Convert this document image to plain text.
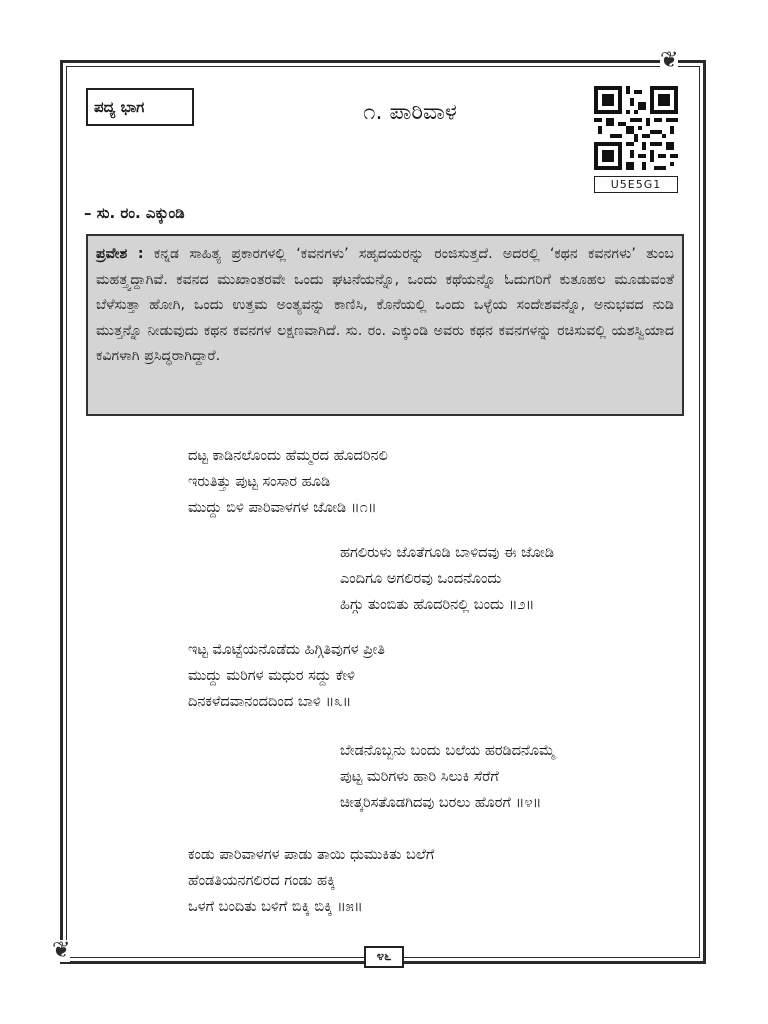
❦
❦
ಪದ್ಯ ಭಾಗ	೧. ಪಾರಿವಾಳ
U5E5G1
– ಸು. ರಂ. ಎಕ್ಕುಂಡಿ
ಪ್ರವೇಶ : ಕನ್ನಡ ಸಾಹಿತ್ಯ ಪ್ರಕಾರಗಳಲ್ಲಿ ‘ಕವನಗಳು’ ಸಹೃದಯರನ್ನು ರಂಜಿಸುತ್ತದೆ. ಅದರಲ್ಲಿ ‘ಕಥನ ಕವನಗಳು’ ತುಂಬ ಮಹತ್ತ್ವದ್ದಾಗಿವೆ. ಕವನದ ಮುಖಾಂತರವೇ ಒಂದು ಘಟನೆಯನ್ನೊ, ಒಂದು ಕಥೆಯನ್ನೊ ಓದುಗರಿಗೆ ಕುತೂಹಲ ಮೂಡುವಂತೆ ಬೆಳೆಸುತ್ತಾ ಹೋಗಿ, ಒಂದು ಉತ್ತಮ ಅಂತ್ಯವನ್ನು ಕಾಣಿಸಿ, ಕೊನೆಯಲ್ಲಿ ಒಂದು ಒಳ್ಳೆಯ ಸಂದೇಶವನ್ನೊ, ಅನುಭವದ ನುಡಿ ಮುತ್ತನ್ನೊ ನೀಡುವುದು ಕಥನ ಕವನಗಳ ಲಕ್ಷಣವಾಗಿದೆ. ಸು. ರಂ. ಎಕ್ಕುಂಡಿ ಅವರು ಕಥನ ಕವನಗಳನ್ನು ರಚಿಸುವಲ್ಲಿ ಯಶಸ್ವಿಯಾದ ಕವಿಗಳಾಗಿ ಪ್ರಸಿದ್ಧರಾಗಿದ್ದಾರೆ.
ದಟ್ಟ ಕಾಡಿನಲೊಂದು ಹೆಮ್ಮರದ ಹೊದರಿನಲಿ
ಇರುತಿತ್ತು ಪುಟ್ಟ ಸಂಸಾರ ಹೂಡಿ
ಮುದ್ದು ಬಿಳಿ ಪಾರಿವಾಳಗಳ ಜೋಡಿ ॥೧॥
ಹಗಲಿರುಳು ಜೊತೆಗೂಡಿ ಬಾಳಿದವು ಈ ಜೋಡಿ
ಎಂದಿಗೂ ಅಗಲಿರವು ಒಂದನೊಂದು
ಹಿಗ್ಗು ತುಂಬಿತು ಹೊದರಿನಲ್ಲಿ ಬಂದು ॥೨॥
ಇಟ್ಟ ಮೊಟ್ಟೆಯನೊಡೆದು ಹಿಗ್ಗಿತಿವುಗಳ ಪ್ರೀತಿ
ಮುದ್ದು ಮರಿಗಳ ಮಧುರ ಸದ್ದು ಕೇಳಿ
ದಿನಕಳೆದವಾನಂದದಿಂದ ಬಾಳಿ ॥೩॥
ಬೇಡನೊಬ್ಬನು ಬಂದು ಬಲೆಯ ಹರಡಿದನೊಮ್ಮೆ
ಪುಟ್ಟ ಮರಿಗಳು ಹಾರಿ ಸಿಲುಕಿ ಸೆರೆಗೆ
ಚೀತ್ಕರಿಸತೊಡಗಿದವು ಬರಲು ಹೊರಗೆ ॥೪॥
ಕಂಡು ಪಾರಿವಾಳಗಳ ಪಾಡು ತಾಯಿ ಧುಮುಕಿತು ಬಲೆಗೆ
ಹೆಂಡತಿಯನಗಲಿರದ ಗಂಡು ಹಕ್ಕಿ
ಒಳಗೆ ಬಂದಿತು ಬಳಿಗೆ ಬಿಕ್ಕಿ ಬಿಕ್ಕಿ ॥೫॥
೪೬
